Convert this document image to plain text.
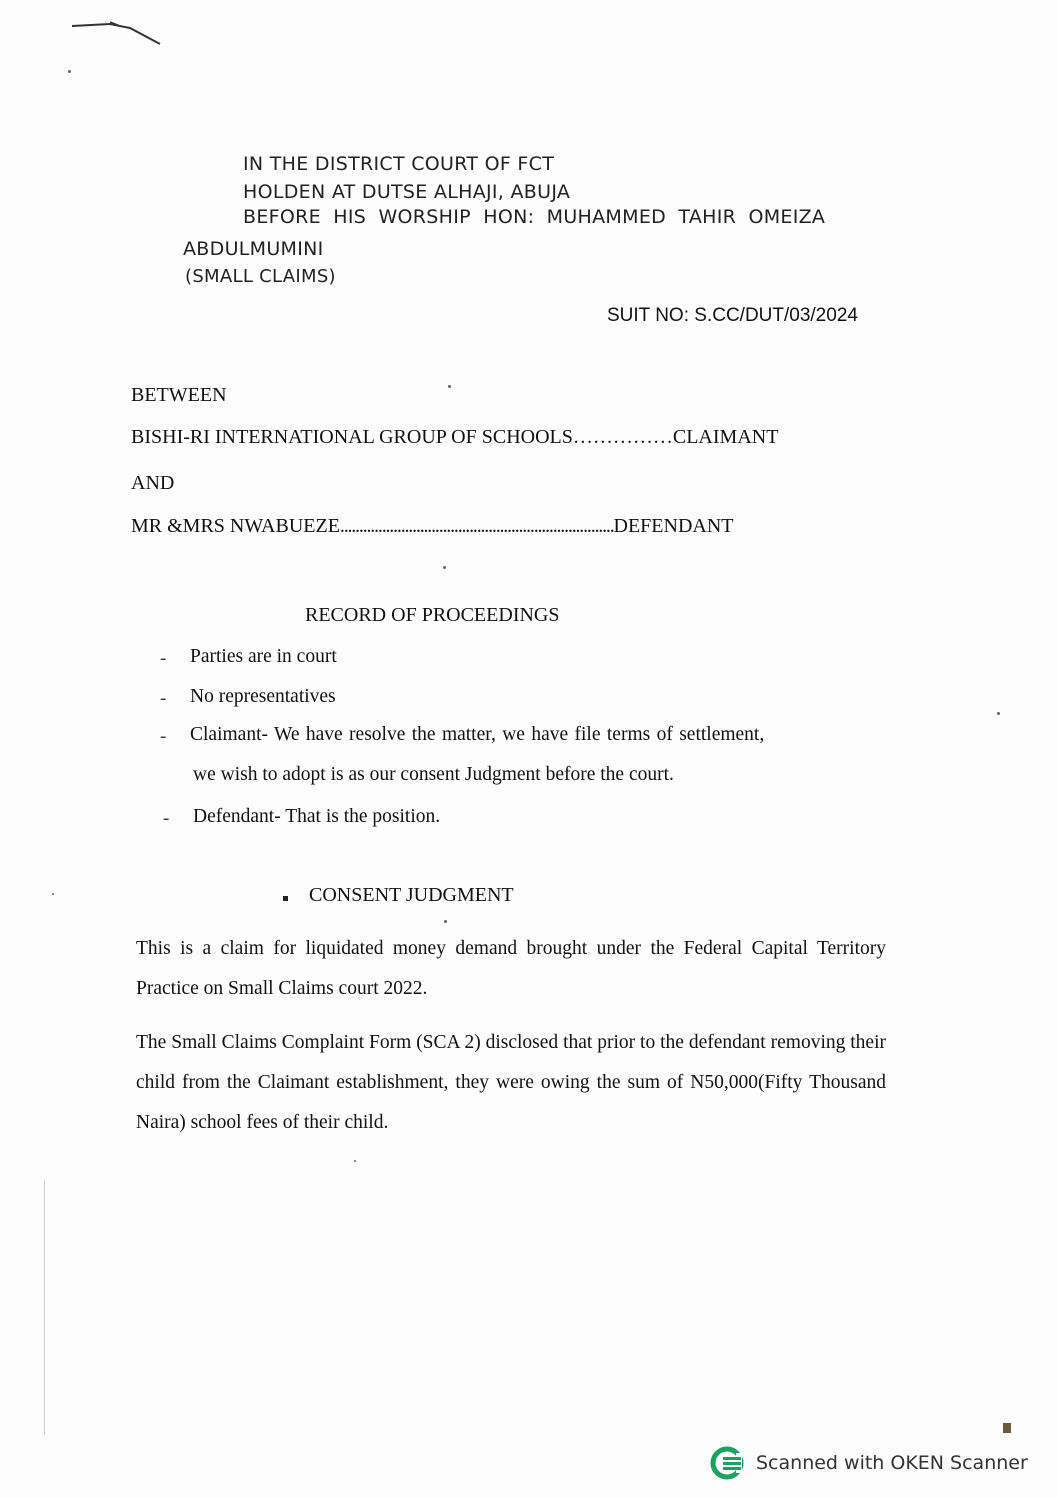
IN THE DISTRICT COURT OF FCT
HOLDEN AT DUTSE ALHAJI, ABUJA
BEFORE HIS WORSHIP HON: MUHAMMED TAHIR OMEIZA
ABDULMUMINI
(SMALL CLAIMS)
SUIT NO: S.CC/DUT/03/2024
BETWEEN
BISHI-RI INTERNATIONAL GROUP OF SCHOOLS……………CLAIMANT
AND
MR &MRS NWABUEZE........................................................................DEFENDANT
RECORD OF PROCEEDINGS
- Parties are in court
- No representatives
- Claimant- We have resolve the matter, we have file terms of settlement,
we wish to adopt is as our consent Judgment before the court.
- Defendant- That is the position.
CONSENT JUDGMENT
This is a claim for liquidated money demand brought under the Federal Capital Territory Practice on Small Claims court 2022.
The Small Claims Complaint Form (SCA 2) disclosed that prior to the defendant removing their child from the Claimant establishment, they were owing the sum of N50,000(Fifty Thousand Naira) school fees of their child.
Scanned with OKEN Scanner
